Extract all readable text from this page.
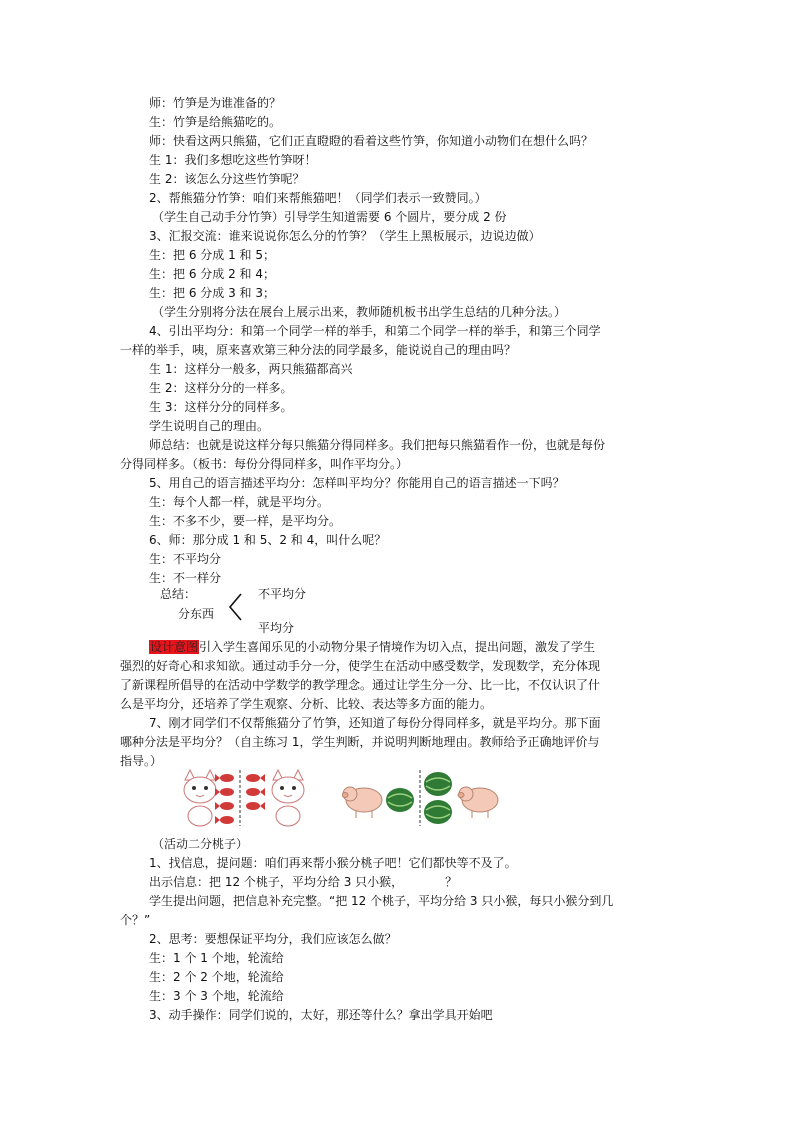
师：竹笋是为谁准备的？
生：竹笋是给熊猫吃的。
师：快看这两只熊猫，它们正直瞪瞪的看着这些竹笋，你知道小动物们在想什么吗？
生 1：我们多想吃这些竹笋呀！
生 2：该怎么分这些竹笋呢？
2、帮熊猫分竹笋：咱们来帮熊猫吧！（同学们表示一致赞同。）
（学生自己动手分竹笋）引导学生知道需要 6 个圆片，要分成 2 份
3、汇报交流：谁来说说你怎么分的竹笋？（学生上黑板展示，边说边做）
生：把 6 分成 1 和 5；
生：把 6 分成 2 和 4；
生：把 6 分成 3 和 3；
（学生分别将分法在展台上展示出来，教师随机板书出学生总结的几种分法。）
4、引出平均分：和第一个同学一样的举手，和第二个同学一样的举手，和第三个同学
一样的举手，咦，原来喜欢第三种分法的同学最多，能说说自己的理由吗？
生 1：这样分一般多，两只熊猫都高兴
生 2：这样分分的一样多。
生 3：这样分分的同样多。
学生说明自己的理由。
师总结：也就是说这样分每只熊猫分得同样多。我们把每只熊猫看作一份，也就是每份
分得同样多。（板书：每份分得同样多，叫作平均分。）
5、用自己的语言描述平均分：怎样叫平均分？你能用自己的语言描述一下吗？
生：每个人都一样，就是平均分。
生：不多不少，要一样，是平均分。
6、师：那分成 1 和 5、2 和 4，叫什么呢？
生：不平均分
生：不一样分
总结：
分东西
不平均分
平均分
设计意图引入学生喜闻乐见的小动物分果子情境作为切入点，提出问题，激发了学生
强烈的好奇心和求知欲。通过动手分一分，使学生在活动中感受数学，发现数学，充分体现
了新课程所倡导的在活动中学数学的教学理念。通过让学生分一分、比一比，不仅认识了什
么是平均分，还培养了学生观察、分析、比较、表达等多方面的能力。
7、刚才同学们不仅帮熊猫分了竹笋，还知道了每份分得同样多，就是平均分。那下面
哪种分法是平均分？（自主练习 1，学生判断，并说明判断地理由。教师给予正确地评价与
指导。）
（活动二分桃子）
1、找信息，提问题：咱们再来帮小猴分桃子吧！它们都快等不及了。
出示信息：把 12 个桃子，平均分给 3 只小猴，　　　　？
学生提出问题，把信息补充完整。“把 12 个桃子，平均分给 3 只小猴，每只小猴分到几
个？”
2、思考：要想保证平均分，我们应该怎么做？
生：1 个 1 个地，轮流给
生：2 个 2 个地，轮流给
生：3 个 3 个地，轮流给
3、动手操作：同学们说的，太好，那还等什么？拿出学具开始吧
